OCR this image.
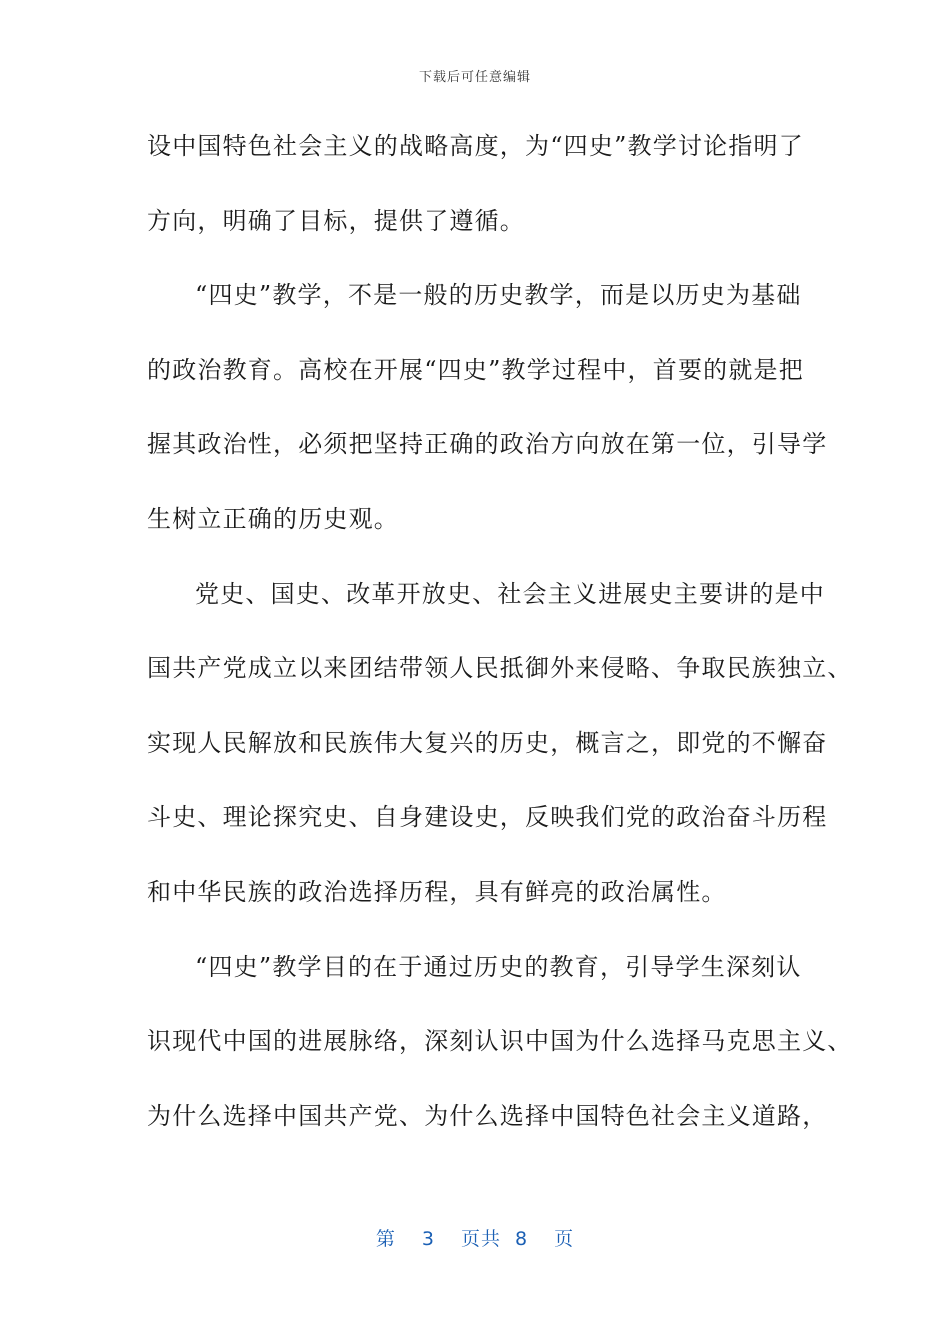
下载后可任意编辑
设中国特色社会主义的战略高度，为“四史”教学讨论指明了
方向，明确了目标，提供了遵循。
“四史”教学，不是一般的历史教学，而是以历史为基础
的政治教育。高校在开展“四史”教学过程中，首要的就是把
握其政治性，必须把坚持正确的政治方向放在第一位，引导学
生树立正确的历史观。
党史、国史、改革开放史、社会主义进展史主要讲的是中
国共产党成立以来团结带领人民抵御外来侵略、争取民族独立、
实现人民解放和民族伟大复兴的历史，概言之，即党的不懈奋
斗史、理论探究史、自身建设史，反映我们党的政治奋斗历程
和中华民族的政治选择历程，具有鲜亮的政治属性。
“四史”教学目的在于通过历史的教育，引导学生深刻认
识现代中国的进展脉络，深刻认识中国为什么选择马克思主义、
为什么选择中国共产党、为什么选择中国特色社会主义道路，
第 3 页共 8 页
